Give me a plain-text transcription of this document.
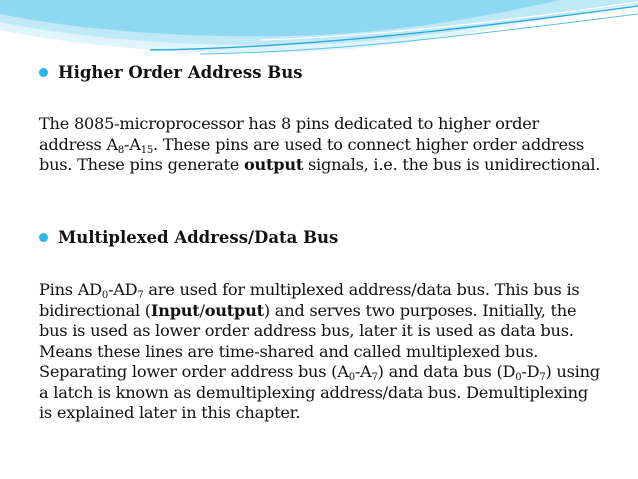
Higher Order Address Bus
The 8085-microprocessor has 8 pins dedicated to higher order address $A_8-A_{15}$. These pins are used to connect higher order address bus. These pins generate output signals, i.e. the bus is unidirectional.
Multiplexed Address/Data Bus
Pins $AD_0-AD_7$ are used for multiplexed address/data bus. This bus is bidirectional (Input/output) and serves two purposes. Initially, the bus is used as lower order address bus, later it is used as data bus. Means these lines are time-shared and called multiplexed bus. Separating lower order address bus $(A_0-A_7)$ and data bus $(D_0-D_7)$ using a latch is known as demultiplexing address/data bus. Demultiplexing is explained later in this chapter.
